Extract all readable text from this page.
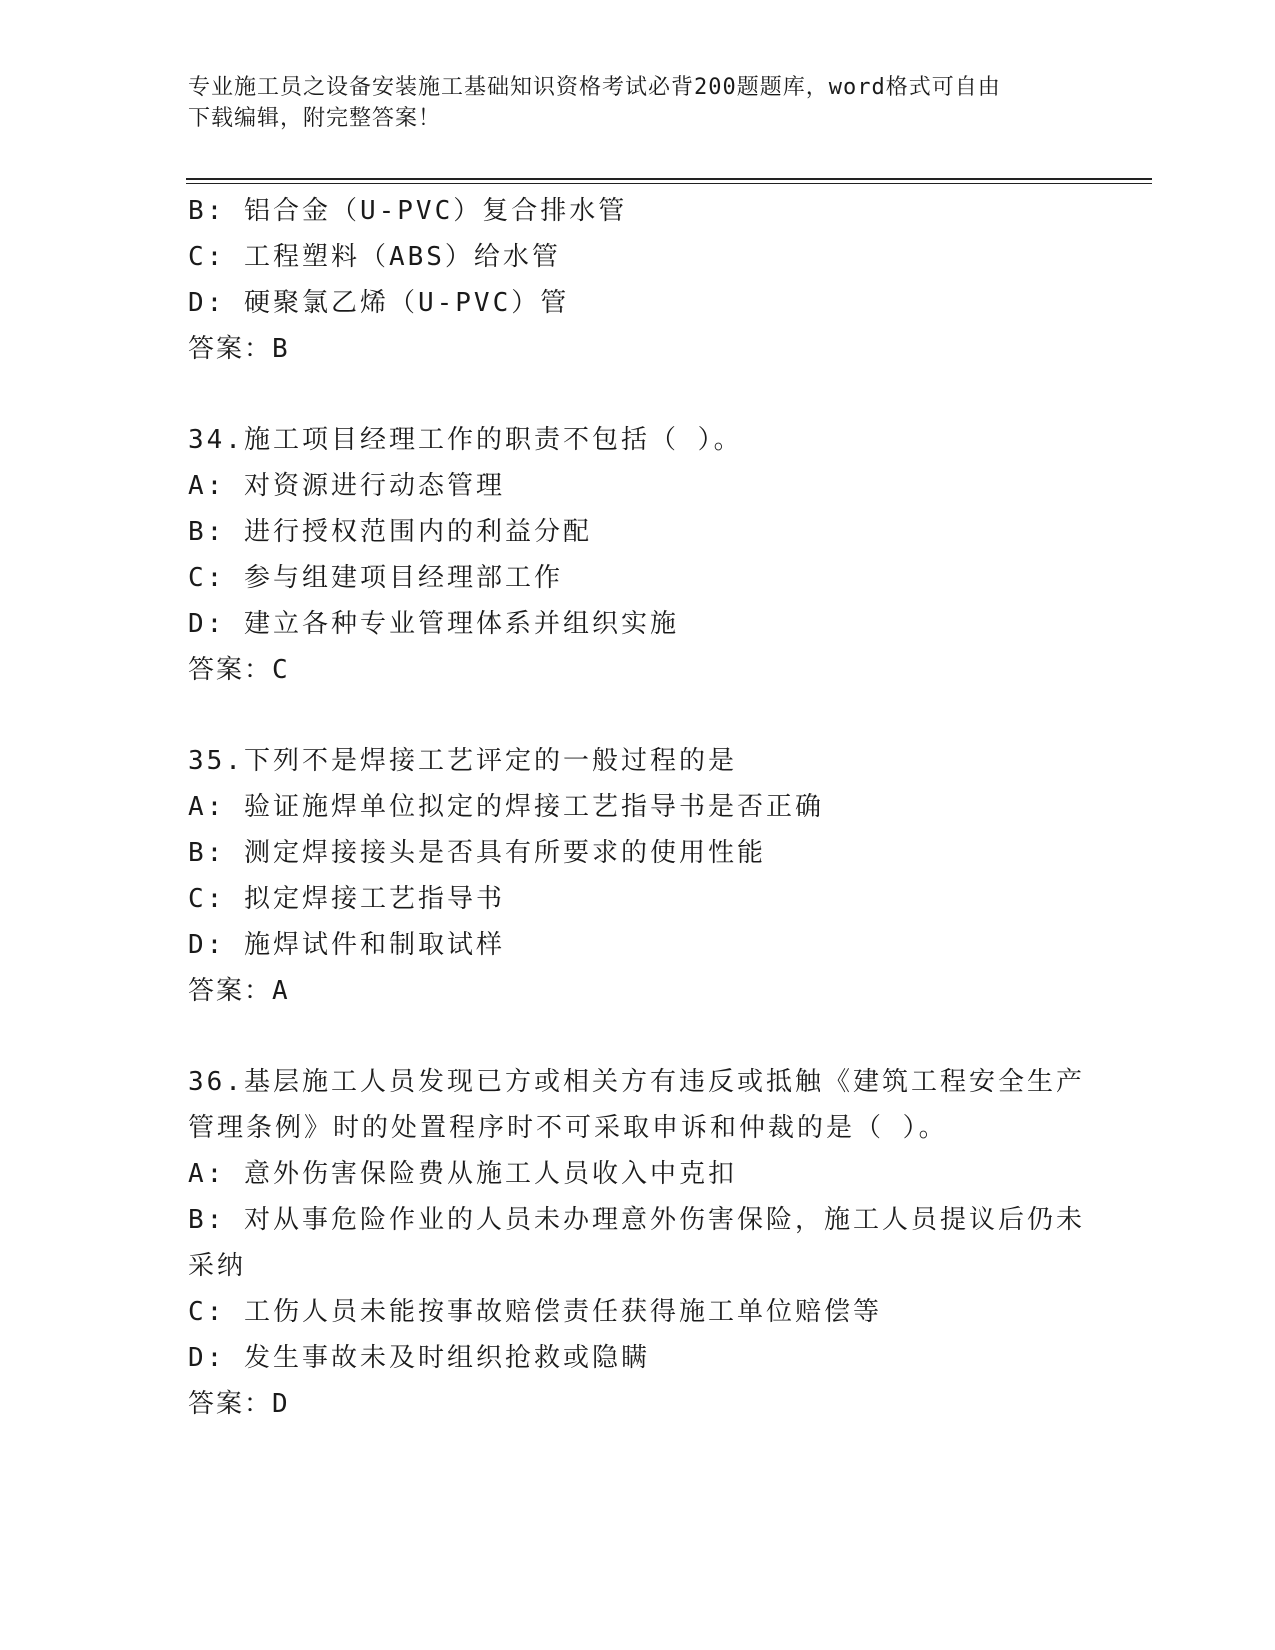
专业施工员之设备安装施工基础知识资格考试必背200题题库，word格式可自由
下载编辑，附完整答案！
B: 铝合金（U-PVC）复合排水管
C: 工程塑料（ABS）给水管
D: 硬聚氯乙烯（U-PVC）管
答案：B
34.施工项目经理工作的职责不包括（ ）。
A: 对资源进行动态管理
B: 进行授权范围内的利益分配
C: 参与组建项目经理部工作
D: 建立各种专业管理体系并组织实施
答案：C
35.下列不是焊接工艺评定的一般过程的是
A: 验证施焊单位拟定的焊接工艺指导书是否正确
B: 测定焊接接头是否具有所要求的使用性能
C: 拟定焊接工艺指导书
D: 施焊试件和制取试样
答案：A
36.基层施工人员发现已方或相关方有违反或抵触《建筑工程安全生产
管理条例》时的处置程序时不可采取申诉和仲裁的是（ ）。
A: 意外伤害保险费从施工人员收入中克扣
B: 对从事危险作业的人员未办理意外伤害保险，施工人员提议后仍未
采纳
C: 工伤人员未能按事故赔偿责任获得施工单位赔偿等
D: 发生事故未及时组织抢救或隐瞒
答案：D
